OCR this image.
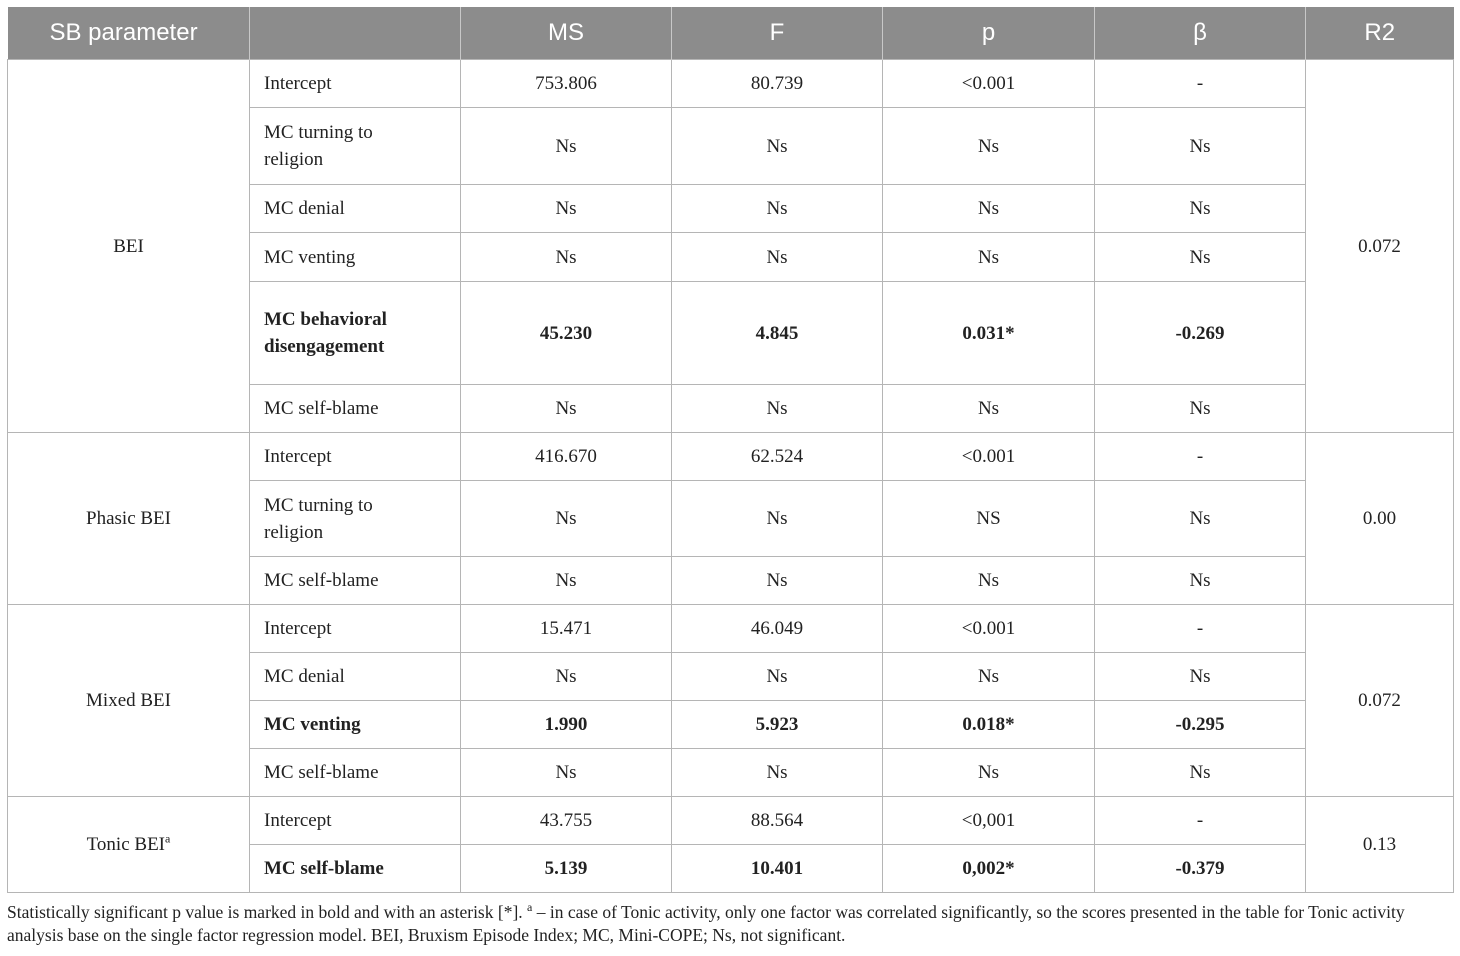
SB parameter		MS	F	p	β	R2
BEI	Intercept	753.806	80.739	<0.001	-	0.072

	MC turning to religion	Ns	Ns	Ns	Ns	
	MC denial	Ns	Ns	Ns	Ns	
	MC venting	Ns	Ns	Ns	Ns	

	MC behavioral disengagement	45.230	4.845	0.031*	-0.269	
	MC self-blame	Ns	Ns	Ns	Ns	
Phasic BEI	Intercept	416.670	62.524	<0.001	-	0.00

	MC turning to religion	Ns	Ns	NS	Ns	
	MC self-blame	Ns	Ns	Ns	Ns	
Mixed BEI	Intercept	15.471	46.049	<0.001	-	0.072
	MC denial	Ns	Ns	Ns	Ns	
	MC venting	1.990	5.923	0.018*	-0.295	
	MC self-blame	Ns	Ns	Ns	Ns	
Tonic BEI$^a$	Intercept	43.755	88.564	<0,001	-	0.13
	MC self-blame	5.139	10.401	0,002*	-0.379	
Statistically significant p value is marked in bold and with an asterisk [*]. $^a$ – in case of Tonic activity, only one factor was correlated significantly, so the scores presented in the table for Tonic activity analysis base on the single factor regression model. BEI, Bruxism Episode Index; MC, Mini-COPE; Ns, not significant.
